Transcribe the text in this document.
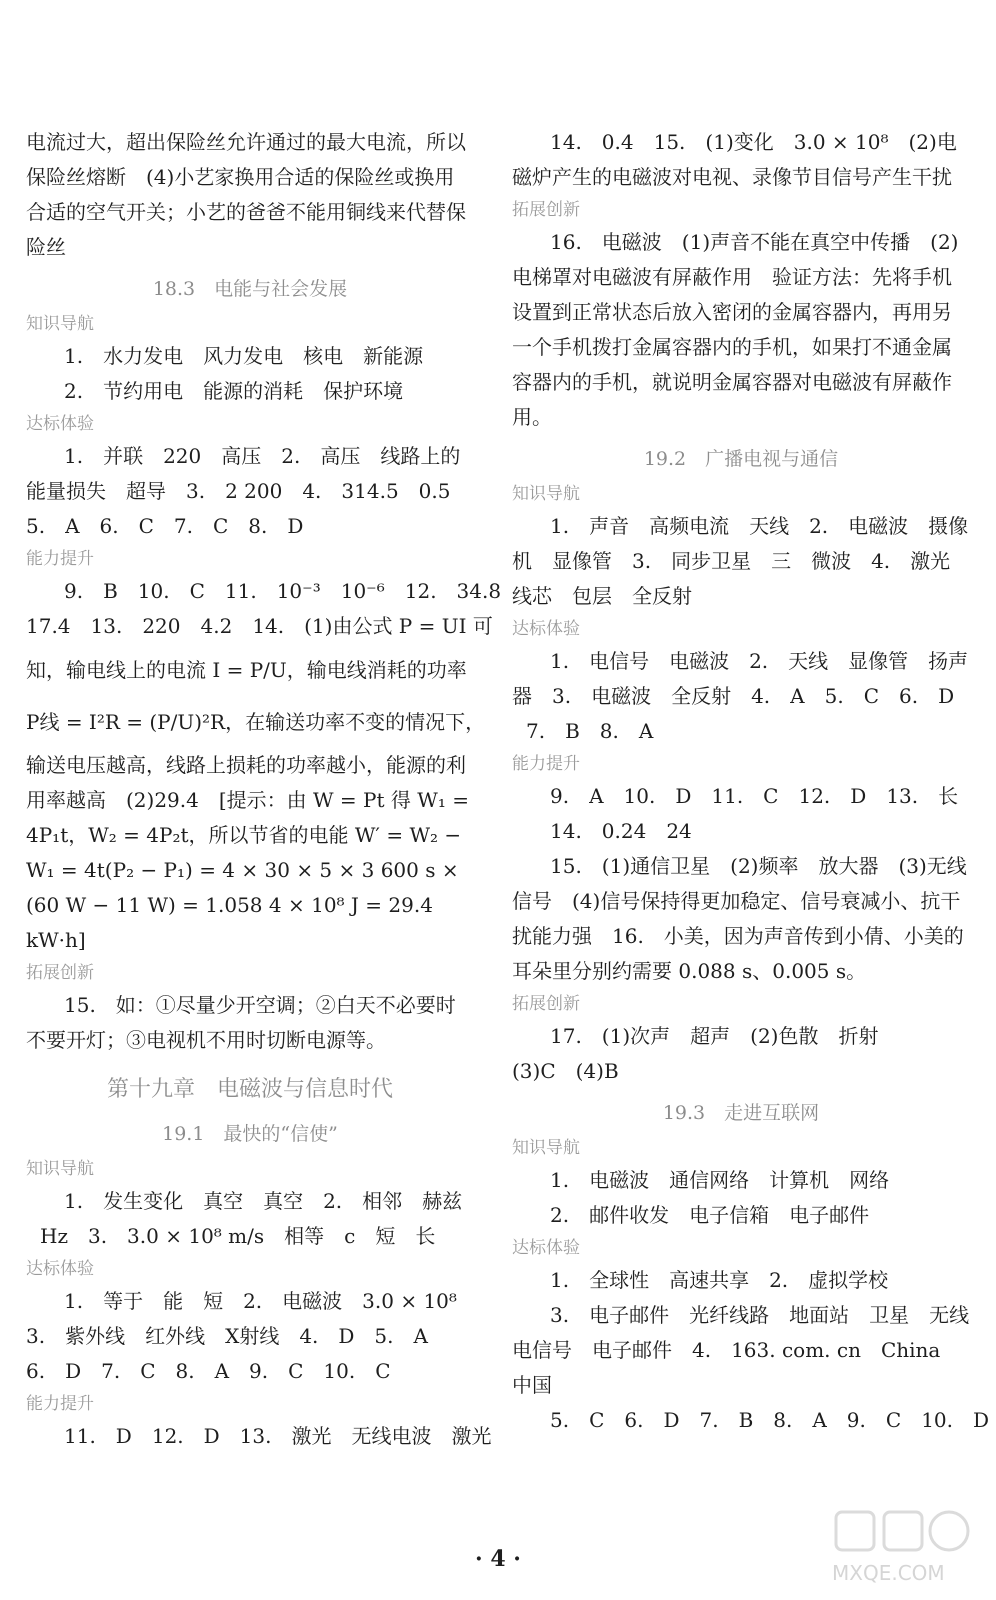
电流过大，超出保险丝允许通过的最大电流，所以保险丝熔断　(4)小艺家换用合适的保险丝或换用合适的空气开关；小艺的爸爸不能用铜线来代替保险丝

18.3　电能与社会发展
知识导航

1.　水力发电　风力发电　核电　新能源

2.　节约用电　能源的消耗　保护环境

达标体验

1.　并联　220　高压　2.　高压　线路上的能量损失　超导　3.　2 200　4.　314.5　0.5

5.　A　6.　C　7.　C　8.　D

能力提升

9.　B　10.　C　11.　10⁻³　10⁻⁶　12.　34.8

17.4　13.　220　4.2　14.　(1)由公式 P = UI 可

知，输电线上的电流 I = P/U，输电线消耗的功率

P线 = I²R = (P/U)²R，在输送功率不变的情况下，

输送电压越高，线路上损耗的功率越小，能源的利用率越高　(2)29.4　[提示：由 W = Pt 得 W₁ = 4P₁t，W₂ = 4P₂t，所以节省的电能 W′ = W₂ − W₁ = 4t(P₂ − P₁) = 4 × 30 × 5 × 3 600 s × (60 W − 11 W) = 1.058 4 × 10⁸ J = 29.4 kW·h]

拓展创新

15.　如：①尽量少开空调；②白天不必要时不要开灯；③电视机不用时切断电源等。

第十九章　电磁波与信息时代
19.1　最快的“信使”
知识导航

1.　发生变化　真空　真空　2.　相邻　赫兹

Hz　3.　3.0 × 10⁸ m/s　相等　c　短　长

达标体验

1.　等于　能　短　2.　电磁波　3.0 × 10⁸

3.　紫外线　红外线　X射线　4.　D　5.　A

6.　D　7.　C　8.　A　9.　C　10.　C

能力提升

11.　D　12.　D　13.　激光　无线电波　激光

14.　0.4　15.　(1)变化　3.0 × 10⁸　(2)电磁炉产生的电磁波对电视、录像节目信号产生干扰

拓展创新

16.　电磁波　(1)声音不能在真空中传播　(2)电梯罩对电磁波有屏蔽作用　验证方法：先将手机设置到正常状态后放入密闭的金属容器内，再用另一个手机拨打金属容器内的手机，如果打不通金属容器内的手机，就说明金属容器对电磁波有屏蔽作用。

19.2　广播电视与通信
知识导航

1.　声音　高频电流　天线　2.　电磁波　摄像机　显像管　3.　同步卫星　三　微波　4.　激光　线芯　包层　全反射

达标体验

1.　电信号　电磁波　2.　天线　显像管　扬声器　3.　电磁波　全反射　4.　A　5.　C　6.　D

7.　B　8.　A

能力提升

9.　A　10.　D　11.　C　12.　D　13.　长

14.　0.24　24

15.　(1)通信卫星　(2)频率　放大器　(3)无线信号　(4)信号保持得更加稳定、信号衰减小、抗干扰能力强　16.　小美，因为声音传到小倩、小美的耳朵里分别约需要 0.088 s、0.005 s。

拓展创新

17.　(1)次声　超声　(2)色散　折射

(3)C　(4)B

19.3　走进互联网
知识导航

1.　电磁波　通信网络　计算机　网络

2.　邮件收发　电子信箱　电子邮件

达标体验

1.　全球性　高速共享　2.　虚拟学校

3.　电子邮件　光纤线路　地面站　卫星　无线电信号　电子邮件　4.　163. com. cn　China　中国

5.　C　6.　D　7.　B　8.　A　9.　C　10.　D

· 4 ·
MXQE.COM
